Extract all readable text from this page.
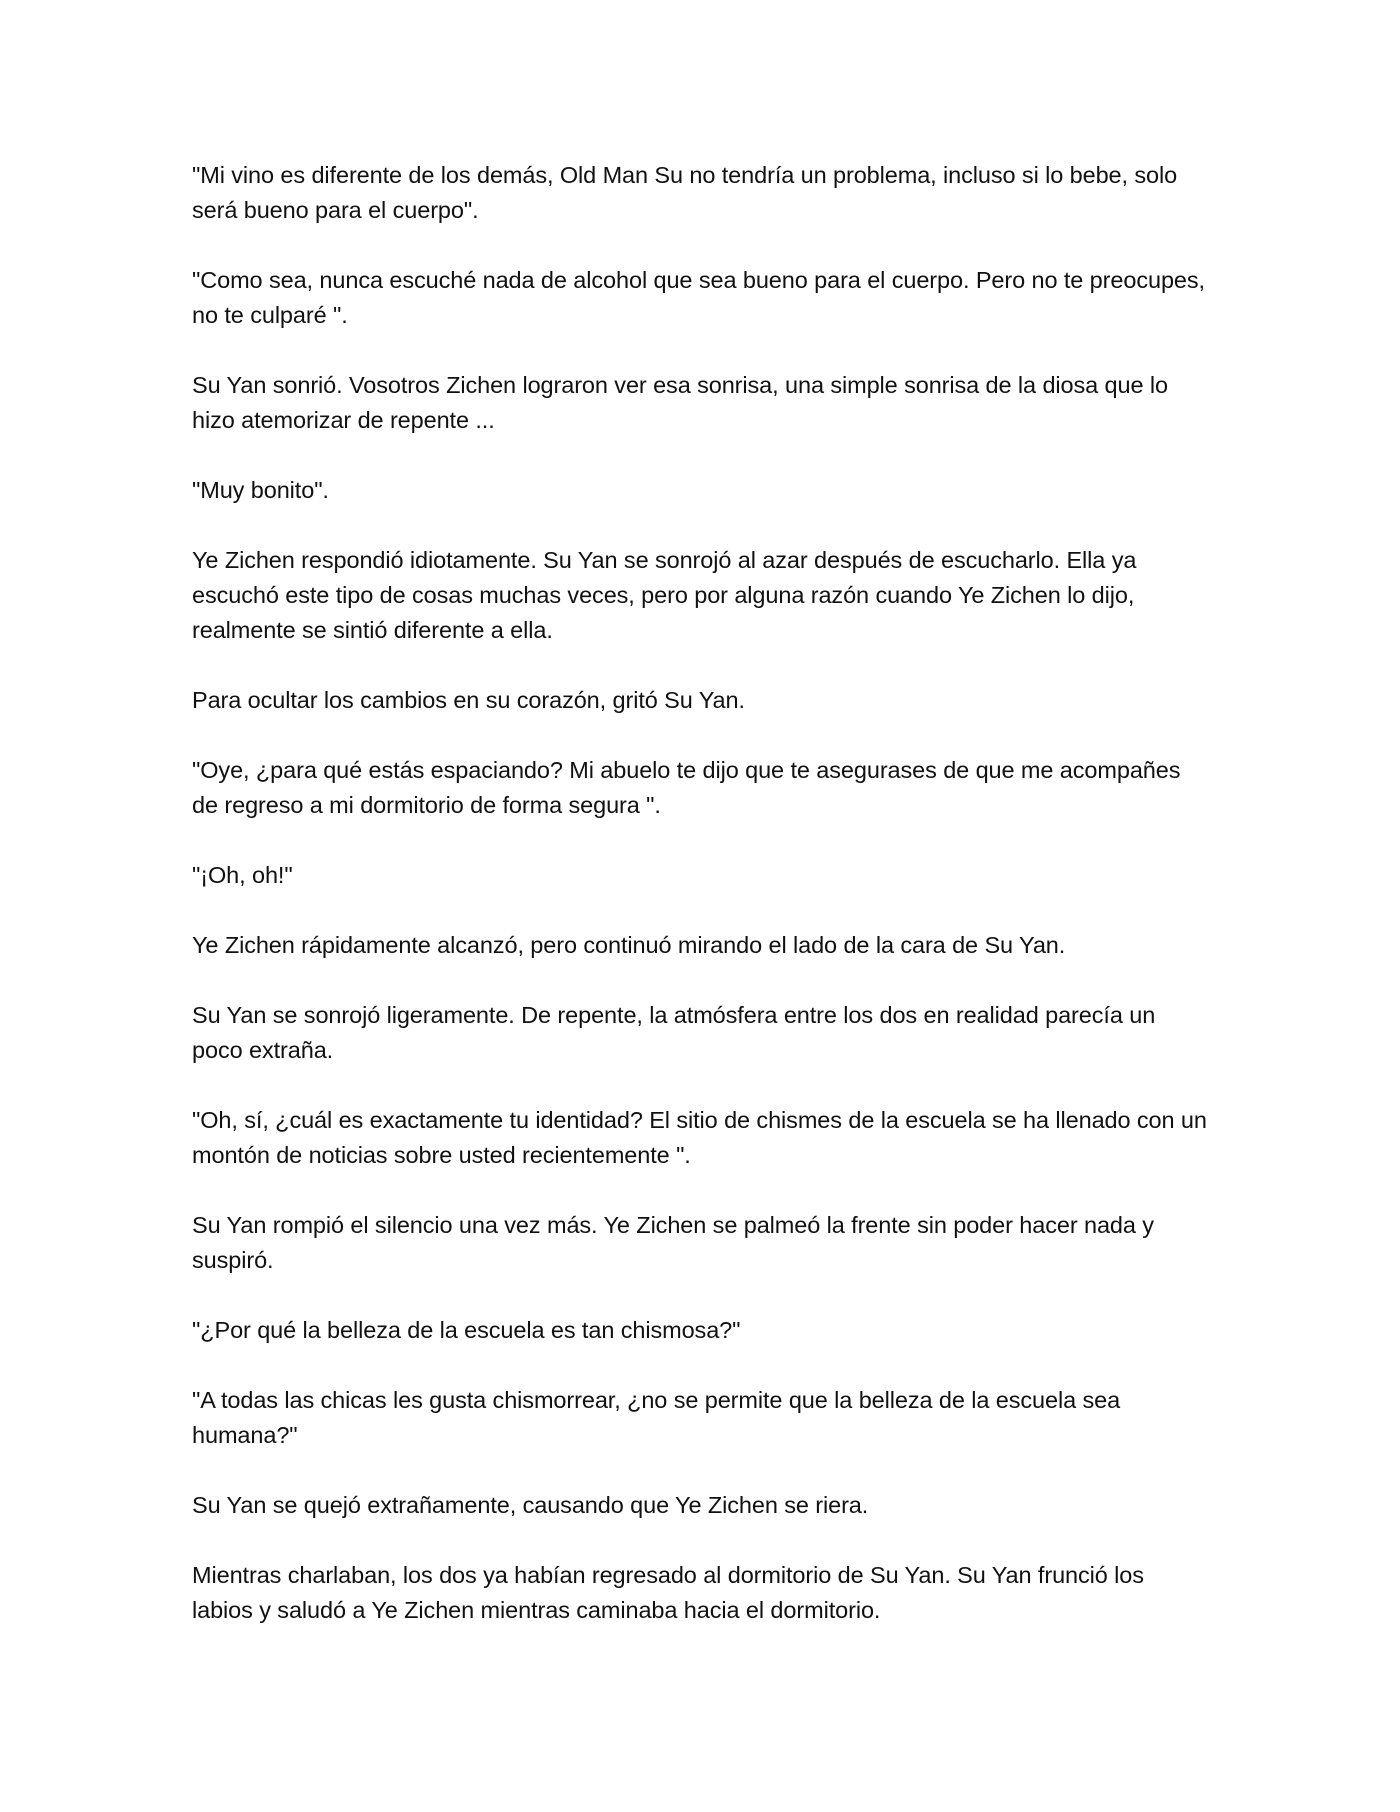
"Mi vino es diferente de los demás, Old Man Su no tendría un problema, incluso si lo bebe, solo será bueno para el cuerpo".

"Como sea, nunca escuché nada de alcohol que sea bueno para el cuerpo. Pero no te preocupes, no te culparé ".

Su Yan sonrió. Vosotros Zichen lograron ver esa sonrisa, una simple sonrisa de la diosa que lo hizo atemorizar de repente ...

"Muy bonito".

Ye Zichen respondió idiotamente. Su Yan se sonrojó al azar después de escucharlo. Ella ya escuchó este tipo de cosas muchas veces, pero por alguna razón cuando Ye Zichen lo dijo, realmente se sintió diferente a ella.

Para ocultar los cambios en su corazón, gritó Su Yan.

"Oye, ¿para qué estás espaciando? Mi abuelo te dijo que te asegurases de que me acompañes de regreso a mi dormitorio de forma segura ".

"¡Oh, oh!"

Ye Zichen rápidamente alcanzó, pero continuó mirando el lado de la cara de Su Yan.

Su Yan se sonrojó ligeramente. De repente, la atmósfera entre los dos en realidad parecía un poco extraña.

"Oh, sí, ¿cuál es exactamente tu identidad? El sitio de chismes de la escuela se ha llenado con un montón de noticias sobre usted recientemente ".

Su Yan rompió el silencio una vez más. Ye Zichen se palmeó la frente sin poder hacer nada y suspiró.

"¿Por qué la belleza de la escuela es tan chismosa?"

"A todas las chicas les gusta chismorrear, ¿no se permite que la belleza de la escuela sea humana?"

Su Yan se quejó extrañamente, causando que Ye Zichen se riera.

Mientras charlaban, los dos ya habían regresado al dormitorio de Su Yan. Su Yan frunció los labios y saludó a Ye Zichen mientras caminaba hacia el dormitorio.
